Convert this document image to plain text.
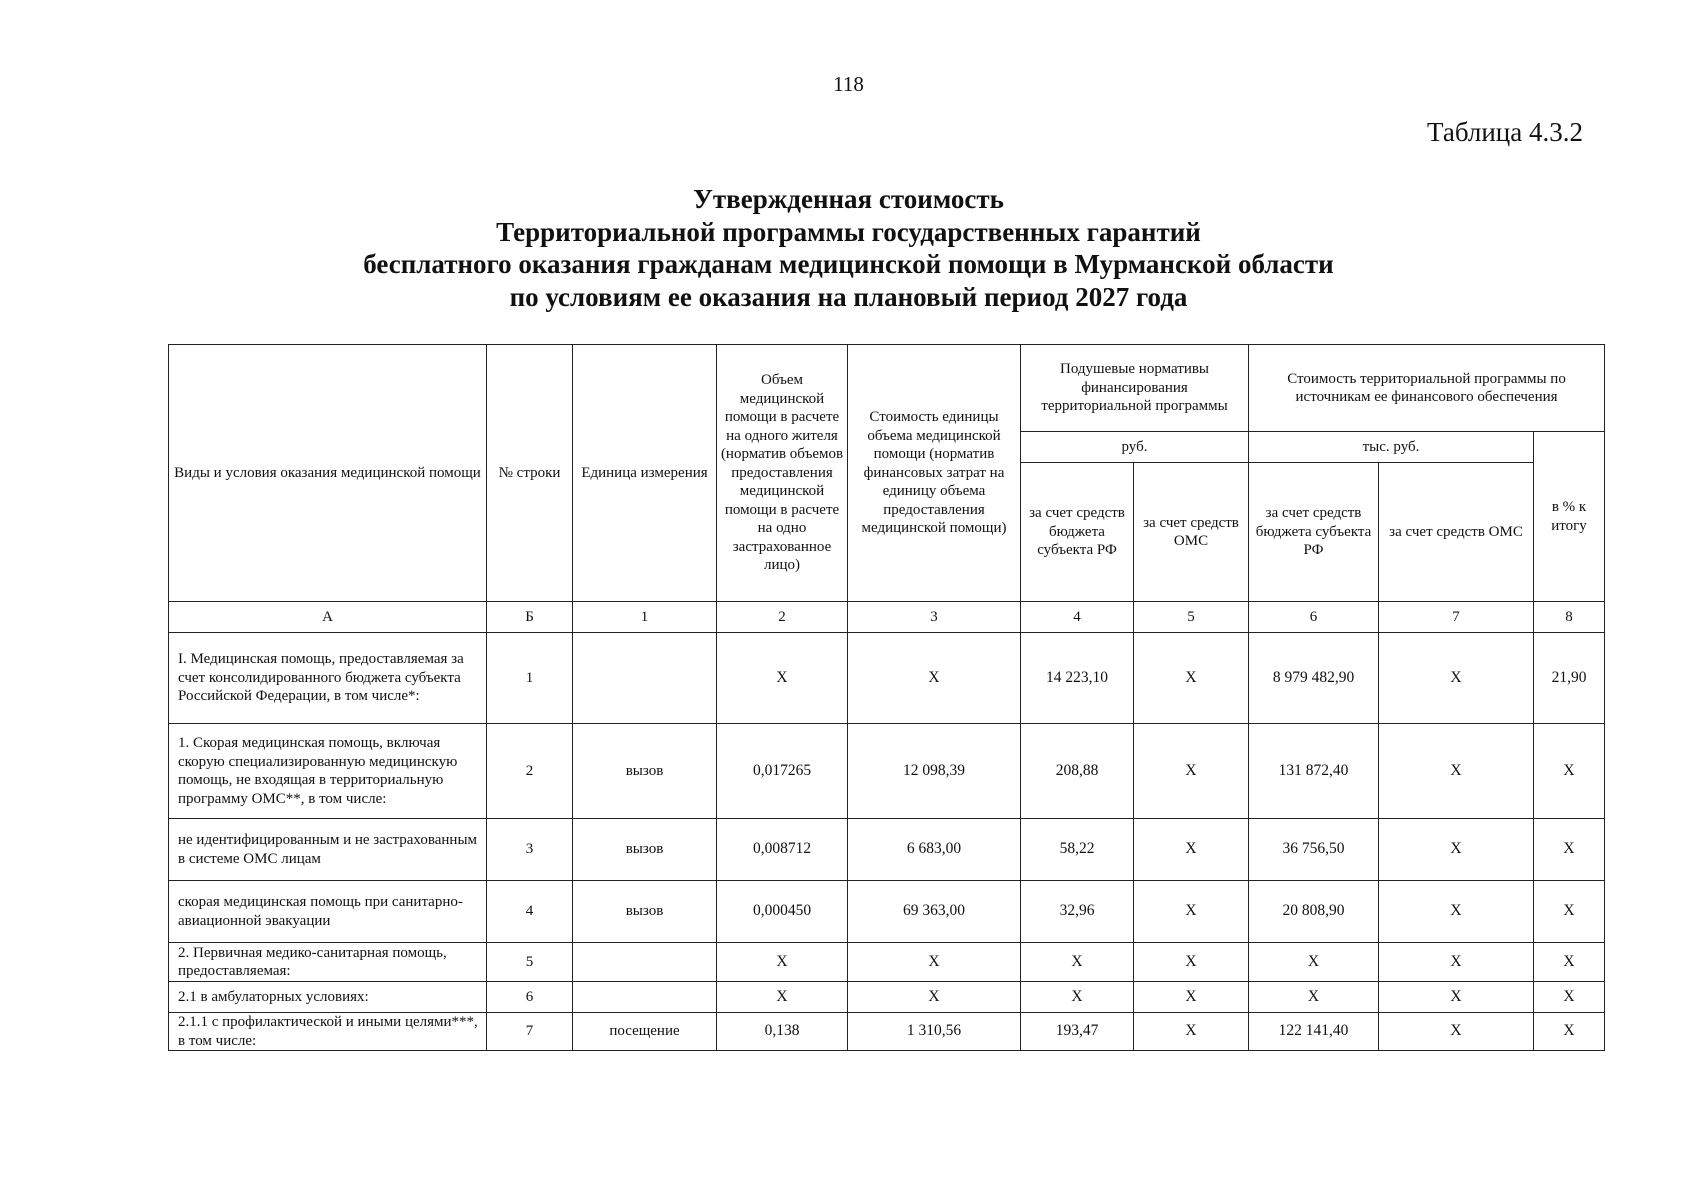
118
Таблица 4.3.2
Утвержденная стоимость
Территориальной программы государственных гарантий
бесплатного оказания гражданам медицинской помощи в Мурманской области
по условиям ее оказания на плановый период 2027 года
Виды и условия оказания медицинской помощи	№ строки	Единица измерения	Объем медицинской помощи в расчете на одного жителя (норматив объемов предоставления медицинской помощи в расчете на одно застрахованное лицо)	Стоимость единицы объема медицинской помощи (норматив финансовых затрат на единицу объема предоставления медицинской помощи)	Подушевые нормативы финансирования территориальной программы		Стоимость территориальной программы по источникам ее финансового обеспечения		
					руб.		тыс. руб.		в % к итогу
					за счет средств бюджета субъекта РФ	за счет средств ОМС	за счет средств бюджета субъекта РФ	за счет средств ОМС	
А	Б	1	2	3	4	5	6	7	8
I. Медицинская помощь, предоставляемая за счет консолидированного бюджета субъекта Российской Федерации, в том числе*:	1		Х	Х	14 223,10	Х	8 979 482,90	Х	21,90
1. Скорая медицинская помощь, включая скорую специализированную медицинскую помощь, не входящая в территориальную программу ОМС**, в том числе:	2	вызов	0,017265	12 098,39	208,88	Х	131 872,40	Х	Х
не идентифицированным и не застрахованным в системе ОМС лицам	3	вызов	0,008712	6 683,00	58,22	Х	36 756,50	Х	Х
скорая медицинская помощь при санитарно-авиационной эвакуации	4	вызов	0,000450	69 363,00	32,96	Х	20 808,90	Х	Х
2. Первичная медико-санитарная помощь, предоставляемая:	5		Х	Х	Х	Х	Х	Х	Х
2.1 в амбулаторных условиях:	6		Х	Х	Х	Х	Х	Х	Х
2.1.1 с профилактической и иными целями***, в том числе:	7	посещение	0,138	1 310,56	193,47	Х	122 141,40	Х	Х
